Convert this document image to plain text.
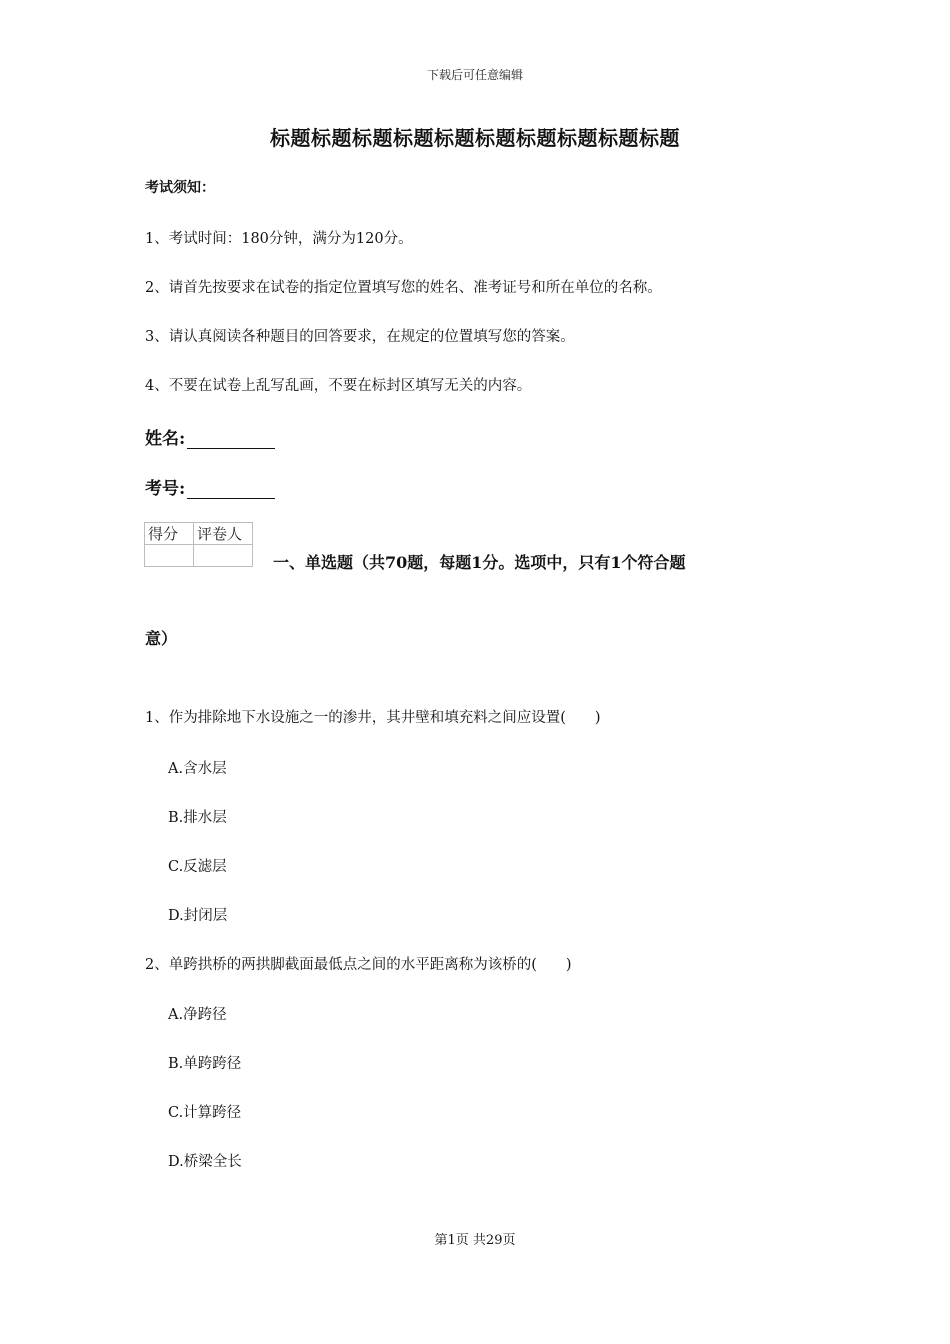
下载后可任意编辑
标题标题标题标题标题标题标题标题标题标题
考试须知：
1、考试时间：180分钟，满分为120分。
2、请首先按要求在试卷的指定位置填写您的姓名、准考证号和所在单位的名称。
3、请认真阅读各种题目的回答要求，在规定的位置填写您的答案。
4、不要在试卷上乱写乱画，不要在标封区填写无关的内容。
姓名:
考号:
得分	评卷人

一、单选题（共70题，每题1分。选项中，只有1个符合题
意）
1、作为排除地下水设施之一的渗井，其井壁和填充料之间应设置(　　)
A.含水层
B.排水层
C.反滤层
D.封闭层
2、单跨拱桥的两拱脚截面最低点之间的水平距离称为该桥的(　　)
A.净跨径
B.单跨跨径
C.计算跨径
D.桥梁全长
第1页 共29页
